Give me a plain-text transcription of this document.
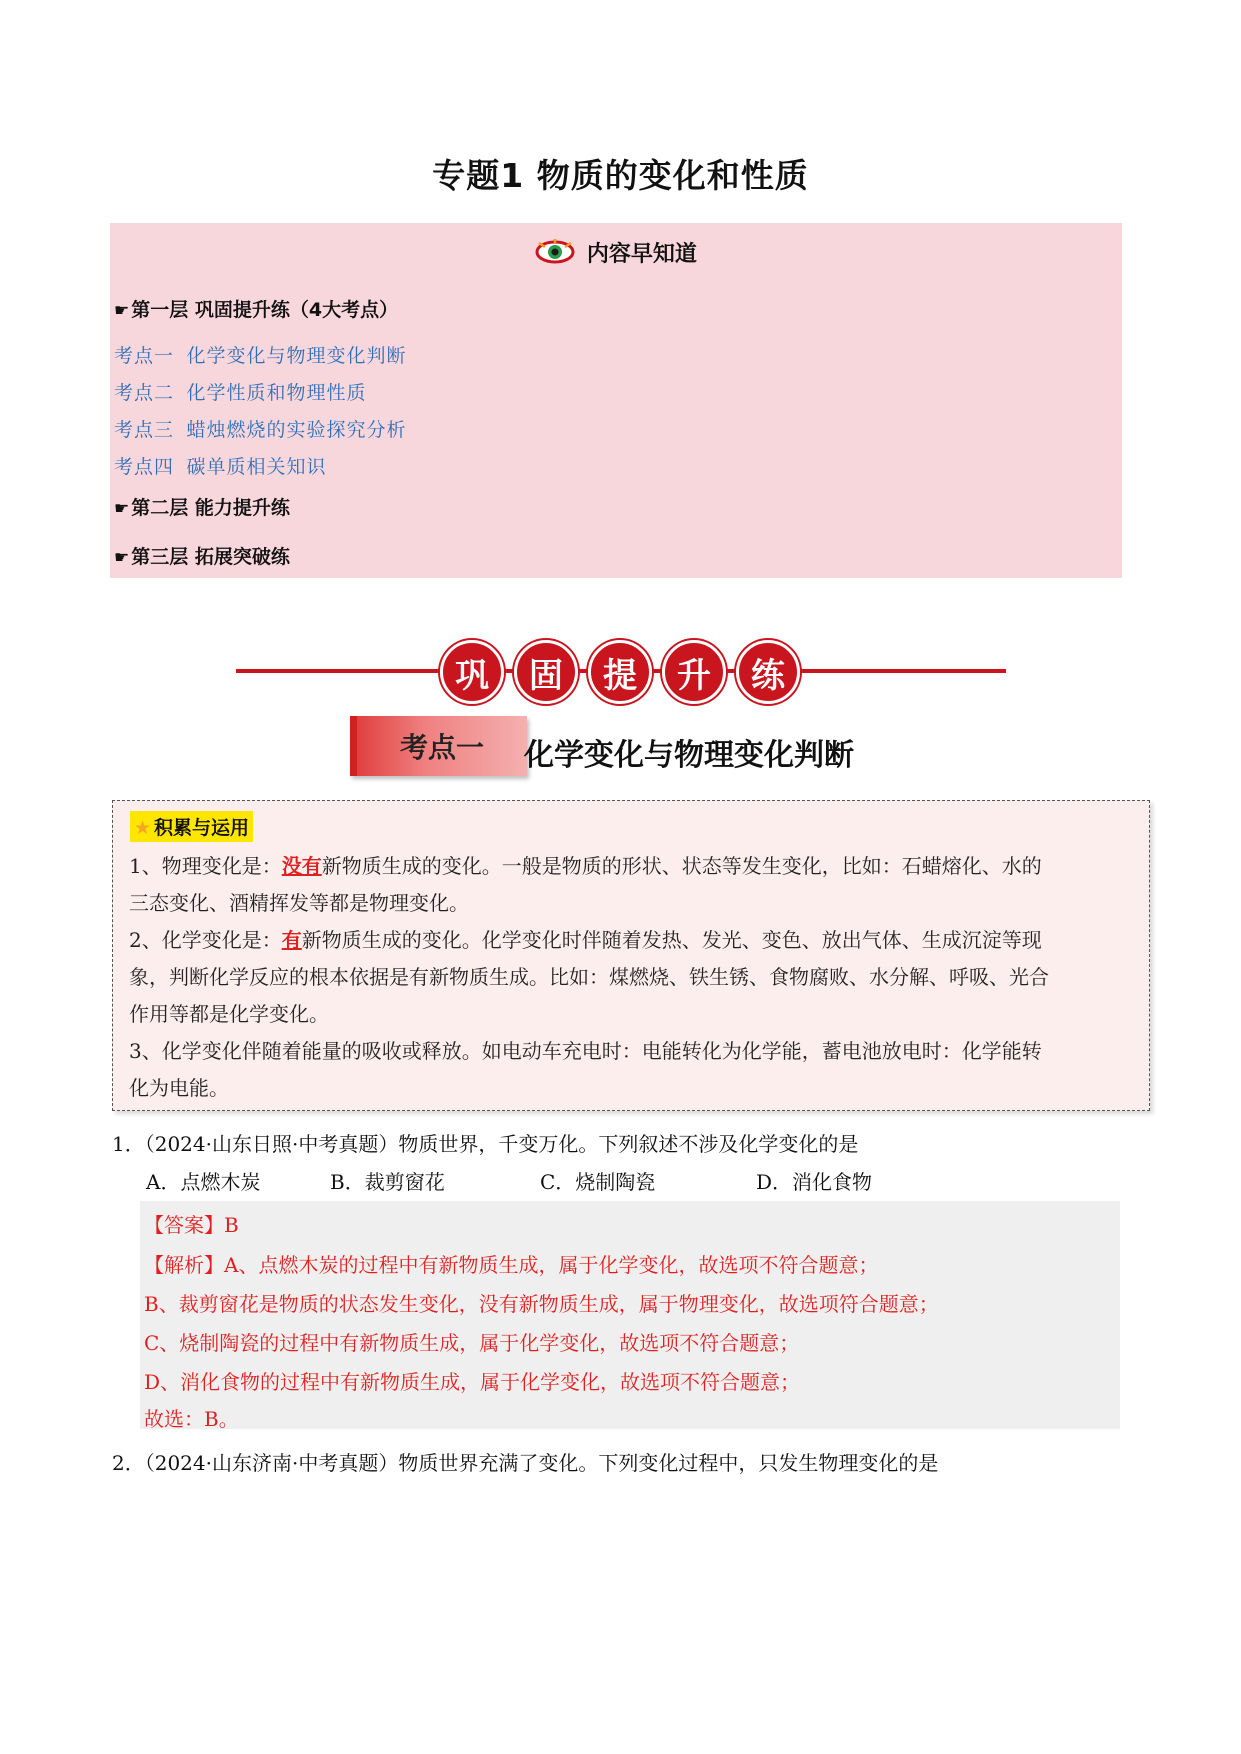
专题1 物质的变化和性质
内容早知道
☛ 第一层 巩固提升练（4大考点）
考点一 化学变化与物理变化判断
考点二 化学性质和物理性质
考点三 蜡烛燃烧的实验探究分析
考点四 碳单质相关知识
☛ 第二层 能力提升练
☛ 第三层 拓展突破练
巩	固	提	升	练
考点一	化学变化与物理变化判断
★ 积累与运用
1、物理变化是：没有新物质生成的变化。一般是物质的形状、状态等发生变化，比如：石蜡熔化、水的
三态变化、酒精挥发等都是物理变化。
2、化学变化是：有新物质生成的变化。化学变化时伴随着发热、发光、变色、放出气体、生成沉淀等现
象，判断化学反应的根本依据是有新物质生成。比如：煤燃烧、铁生锈、食物腐败、水分解、呼吸、光合
作用等都是化学变化。
3、化学变化伴随着能量的吸收或释放。如电动车充电时：电能转化为化学能，蓄电池放电时：化学能转
化为电能。
1．（2024·山东日照·中考真题）物质世界，千变万化。下列叙述不涉及化学变化的是
A．点燃木炭	B．裁剪窗花	C．烧制陶瓷	D．消化食物
【答案】B
【解析】A、点燃木炭的过程中有新物质生成，属于化学变化，故选项不符合题意；
B、裁剪窗花是物质的状态发生变化，没有新物质生成，属于物理变化，故选项符合题意；
C、烧制陶瓷的过程中有新物质生成，属于化学变化，故选项不符合题意；
D、消化食物的过程中有新物质生成，属于化学变化，故选项不符合题意；
故选：B。
2．（2024·山东济南·中考真题）物质世界充满了变化。下列变化过程中，只发生物理变化的是
